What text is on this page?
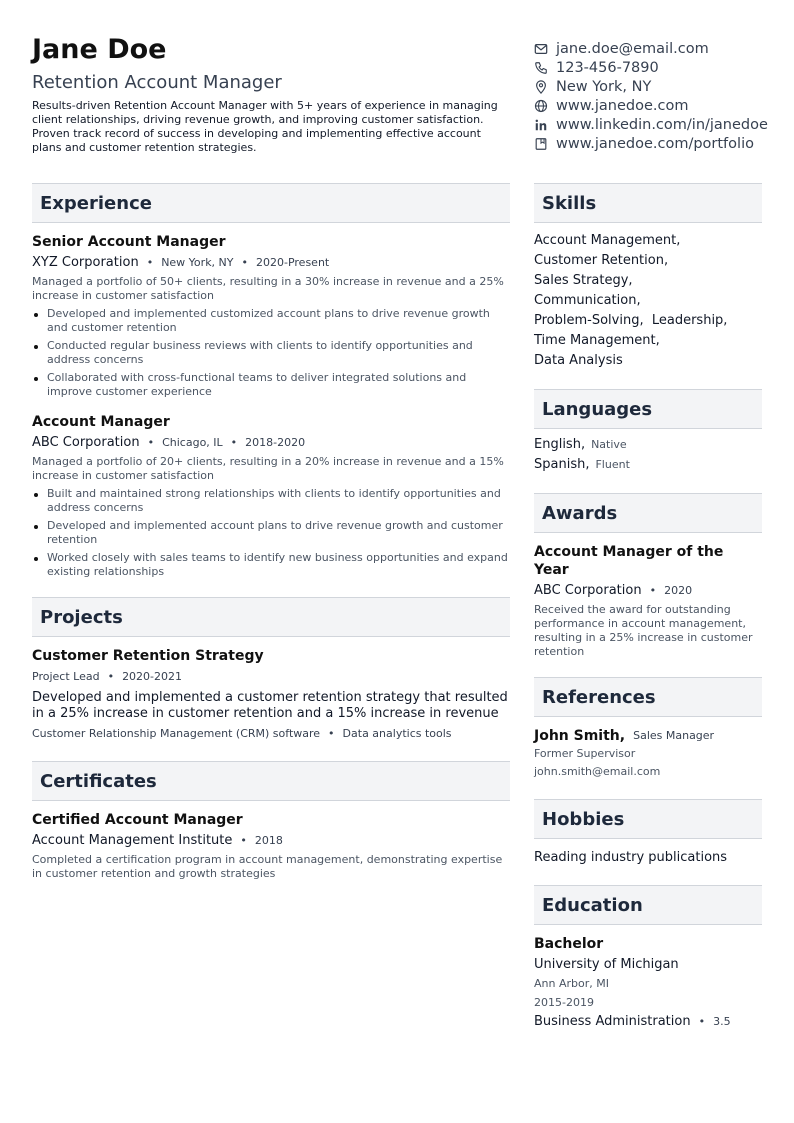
Jane Doe
Retention Account Manager
Results-driven Retention Account Manager with 5+ years of experience in managing client relationships, driving revenue growth, and improving customer satisfaction. Proven track record of success in developing and implementing effective account plans and customer retention strategies.
jane.doe@email.com
123-456-7890
New York, NY
www.janedoe.com
www.linkedin.com/in/janedoe
www.janedoe.com/portfolio
Experience
Senior Account Manager
XYZ Corporation • New York, NY • 2020-Present
Managed a portfolio of 50+ clients, resulting in a 30% increase in revenue and a 25% increase in customer satisfaction
Developed and implemented customized account plans to drive revenue growth and customer retention
Conducted regular business reviews with clients to identify opportunities and address concerns
Collaborated with cross-functional teams to deliver integrated solutions and improve customer experience
Account Manager
ABC Corporation • Chicago, IL • 2018-2020
Managed a portfolio of 20+ clients, resulting in a 20% increase in revenue and a 15% increase in customer satisfaction
Built and maintained strong relationships with clients to identify opportunities and address concerns
Developed and implemented account plans to drive revenue growth and customer retention
Worked closely with sales teams to identify new business opportunities and expand existing relationships
Projects
Customer Retention Strategy
Project Lead • 2020-2021
Developed and implemented a customer retention strategy that resulted in a 25% increase in customer retention and a 15% increase in revenue
Customer Relationship Management (CRM) software • Data analytics tools
Certificates
Certified Account Manager
Account Management Institute • 2018
Completed a certification program in account management, demonstrating expertise in customer retention and growth strategies
Skills
Account Management,
Customer Retention,
Sales Strategy,
Communication,
Problem-Solving, Leadership,
Time Management,
Data Analysis
Languages
English, Native
Spanish, Fluent
Awards
Account Manager of the Year
ABC Corporation • 2020
Received the award for outstanding performance in account management, resulting in a 25% increase in customer retention
References
John Smith, Sales Manager
Former Supervisor
john.smith@email.com
Hobbies
Reading industry publications
Education
Bachelor
University of Michigan
Ann Arbor, MI
2015-2019
Business Administration • 3.5
